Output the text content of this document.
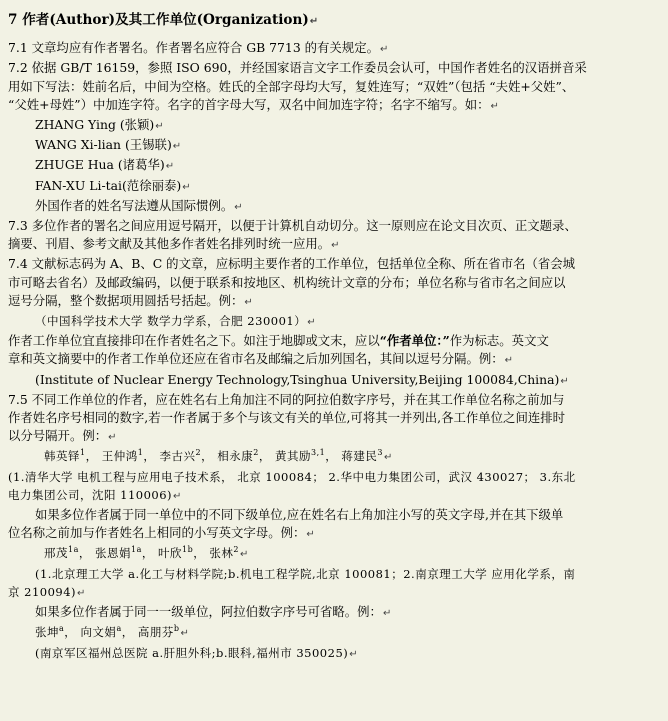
7 作者(Author)及其工作单位(Organization)↵

7.1 文章均应有作者署名。作者署名应符合 GB 7713 的有关规定。↵

7.2 依据 GB/T 16159，参照 ISO 690，并经国家语言文字工作委员会认可，中国作者姓名的汉语拼音采

用如下写法：姓前名后，中间为空格。姓氏的全部字母均大写，复姓连写；“双姓”（包括 “夫姓+父姓”、

“父姓+母姓”）中加连字符。名字的首字母大写，双名中间加连字符；名字不缩写。如：↵

ZHANG Ying (张颖)↵

WANG Xi-lian (王锡联)↵

ZHUGE Hua (诸葛华)↵

FAN-XU Li-tai(范徐丽泰)↵

外国作者的姓名写法遵从国际惯例。↵

7.3 多位作者的署名之间应用逗号隔开，以便于计算机自动切分。这一原则应在论文目次页、正文题录、

摘要、刊眉、参考文献及其他多作者姓名排列时统一应用。↵

7.4 文献标志码为 A、B、C 的文章，应标明主要作者的工作单位，包括单位全称、所在省市名（省会城

市可略去省名）及邮政编码，以便于联系和按地区、机构统计文章的分布；单位名称与省市名之间应以

逗号分隔，整个数据项用圆括号括起。例：↵

（中国科学技术大学 数学力学系，合肥 230001）↵

作者工作单位宜直接排印在作者姓名之下。如注于地脚或文末，应以“作者单位：”作为标志。英文文

章和英文摘要中的作者工作单位还应在省市名及邮编之后加列国名，其间以逗号分隔。例：↵

(Institute of Nuclear Energy Technology,Tsinghua University,Beijing 100084,China)↵

7.5 不同工作单位的作者，应在姓名右上角加注不同的阿拉伯数字序号，并在其工作单位名称之前加与

作者姓名序号相同的数字,若一作者属于多个与该文有关的单位,可将其一并列出,各工作单位之间连排时

以分号隔开。例：↵

韩英铎$^1$， 王仲鸿$^1$， 李古兴$^2$， 相永康$^2$， 黄其励$^{3,1}$， 蒋建民$^3$↵

(1.清华大学 电机工程与应用电子技术系， 北京 100084； 2.华中电力集团公司，武汉 430027； 3.东北

电力集团公司，沈阳 110006)↵

如果多位作者属于同一单位中的不同下级单位,应在姓名右上角加注小写的英文字母,并在其下级单

位名称之前加与作者姓名上相同的小写英文字母。例：↵

邢茂$^{1a}$， 张恩娟$^{1a}$， 叶欣$^{1b}$， 张林$^2$↵

(1.北京理工大学 a.化工与材料学院;b.机电工程学院,北京 100081；2.南京理工大学 应用化学系，南

京 210094)↵

如果多位作者属于同一一级单位，阿拉伯数字序号可省略。例：↵

张坤$^a$， 向文娟$^a$， 高朋芬$^b$↵

(南京军区福州总医院 a.肝胆外科;b.眼科,福州市 350025)↵
